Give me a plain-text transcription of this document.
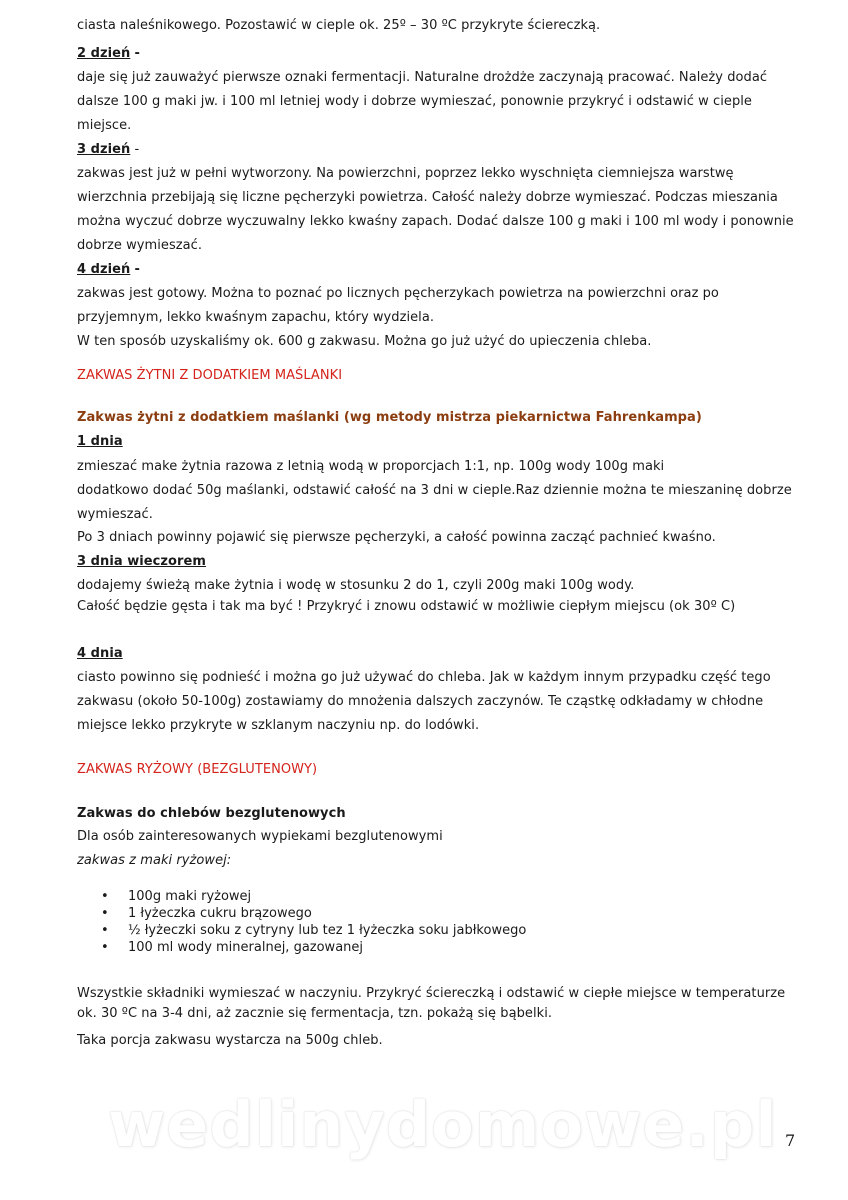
ciasta naleśnikowego. Pozostawić w cieple ok. 25º – 30 ºC przykryte ściereczką.

2 dzień -

daje się już zauważyć pierwsze oznaki fermentacji. Naturalne drożdże zaczynają pracować. Należy dodać

dalsze 100 g maki jw. i 100 ml letniej wody i dobrze wymieszać, ponownie przykryć i odstawić w cieple

miejsce.

3 dzień -

zakwas jest już w pełni wytworzony. Na powierzchni, poprzez lekko wyschnięta ciemniejsza warstwę

wierzchnia przebijają się liczne pęcherzyki powietrza. Całość należy dobrze wymieszać. Podczas mieszania

można wyczuć dobrze wyczuwalny lekko kwaśny zapach. Dodać dalsze 100 g maki i 100 ml wody i ponownie

dobrze wymieszać.

4 dzień -

zakwas jest gotowy. Można to poznać po licznych pęcherzykach powietrza na powierzchni oraz po

przyjemnym, lekko kwaśnym zapachu, który wydziela.

W ten sposób uzyskaliśmy ok. 600 g zakwasu. Można go już użyć do upieczenia chleba.

ZAKWAS ŻYTNI Z DODATKIEM MAŚLANKI

Zakwas żytni z dodatkiem maślanki (wg metody mistrza piekarnictwa Fahrenkampa)

1 dnia

zmieszać make żytnia razowa z letnią wodą w proporcjach 1:1, np. 100g wody 100g maki

dodatkowo dodać 50g maślanki, odstawić całość na 3 dni w cieple.Raz dziennie można te mieszaninę dobrze

wymieszać.

Po 3 dniach powinny pojawić się pierwsze pęcherzyki, a całość powinna zacząć pachnieć kwaśno.

3 dnia wieczorem

dodajemy świeżą make żytnia i wodę w stosunku 2 do 1, czyli 200g maki 100g wody.

Całość będzie gęsta i tak ma być ! Przykryć i znowu odstawić w możliwie ciepłym miejscu (ok 30º C)

4 dnia

ciasto powinno się podnieść i można go już używać do chleba. Jak w każdym innym przypadku część tego

zakwasu (około 50-100g) zostawiamy do mnożenia dalszych zaczynów. Te cząstkę odkładamy w chłodne

miejsce lekko przykryte w szklanym naczyniu np. do lodówki.

ZAKWAS RYŻOWY (BEZGLUTENOWY)

Zakwas do chlebów bezglutenowych

Dla osób zainteresowanych wypiekami bezglutenowymi

zakwas z maki ryżowej:

• 100g maki ryżowej
• 1 łyżeczka cukru brązowego
• ½ łyżeczki soku z cytryny lub tez 1 łyżeczka soku jabłkowego
• 100 ml wody mineralnej, gazowanej

Wszystkie składniki wymieszać w naczyniu. Przykryć ściereczką i odstawić w ciepłe miejsce w temperaturze

ok. 30 ºC na 3-4 dni, aż zacznie się fermentacja, tzn. pokażą się bąbelki.

Taka porcja zakwasu wystarcza na 500g chleb.

wedlinydomowe.pl 7
